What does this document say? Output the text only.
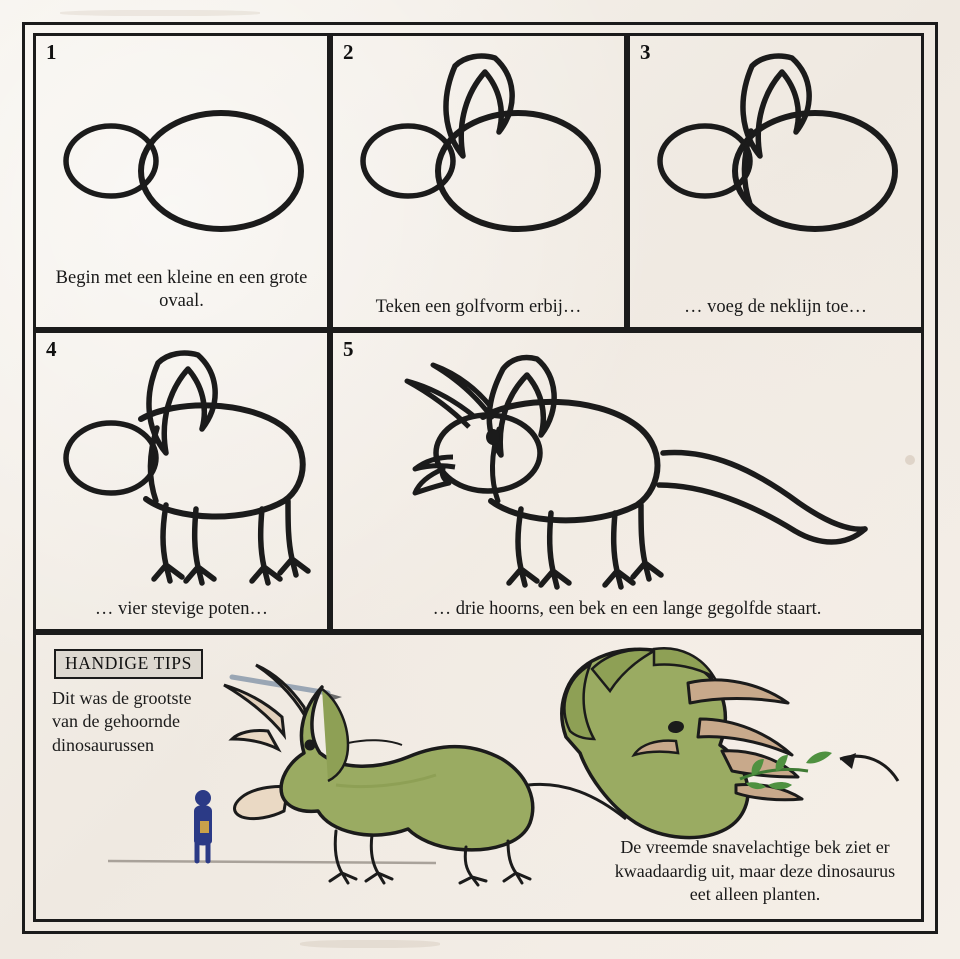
1
Begin met een kleine en een grote ovaal.
2
Teken een golfvorm erbij…
3
… voeg de neklijn toe…
4
… vier stevige poten…
5
… drie hoorns, een bek en een lange gegolfde staart.
HANDIGE TIPS
Dit was de grootste van de gehoornde dinosaurussen
De vreemde snavelachtige bek ziet er kwaadaardig uit, maar deze dinosaurus eet alleen planten.
